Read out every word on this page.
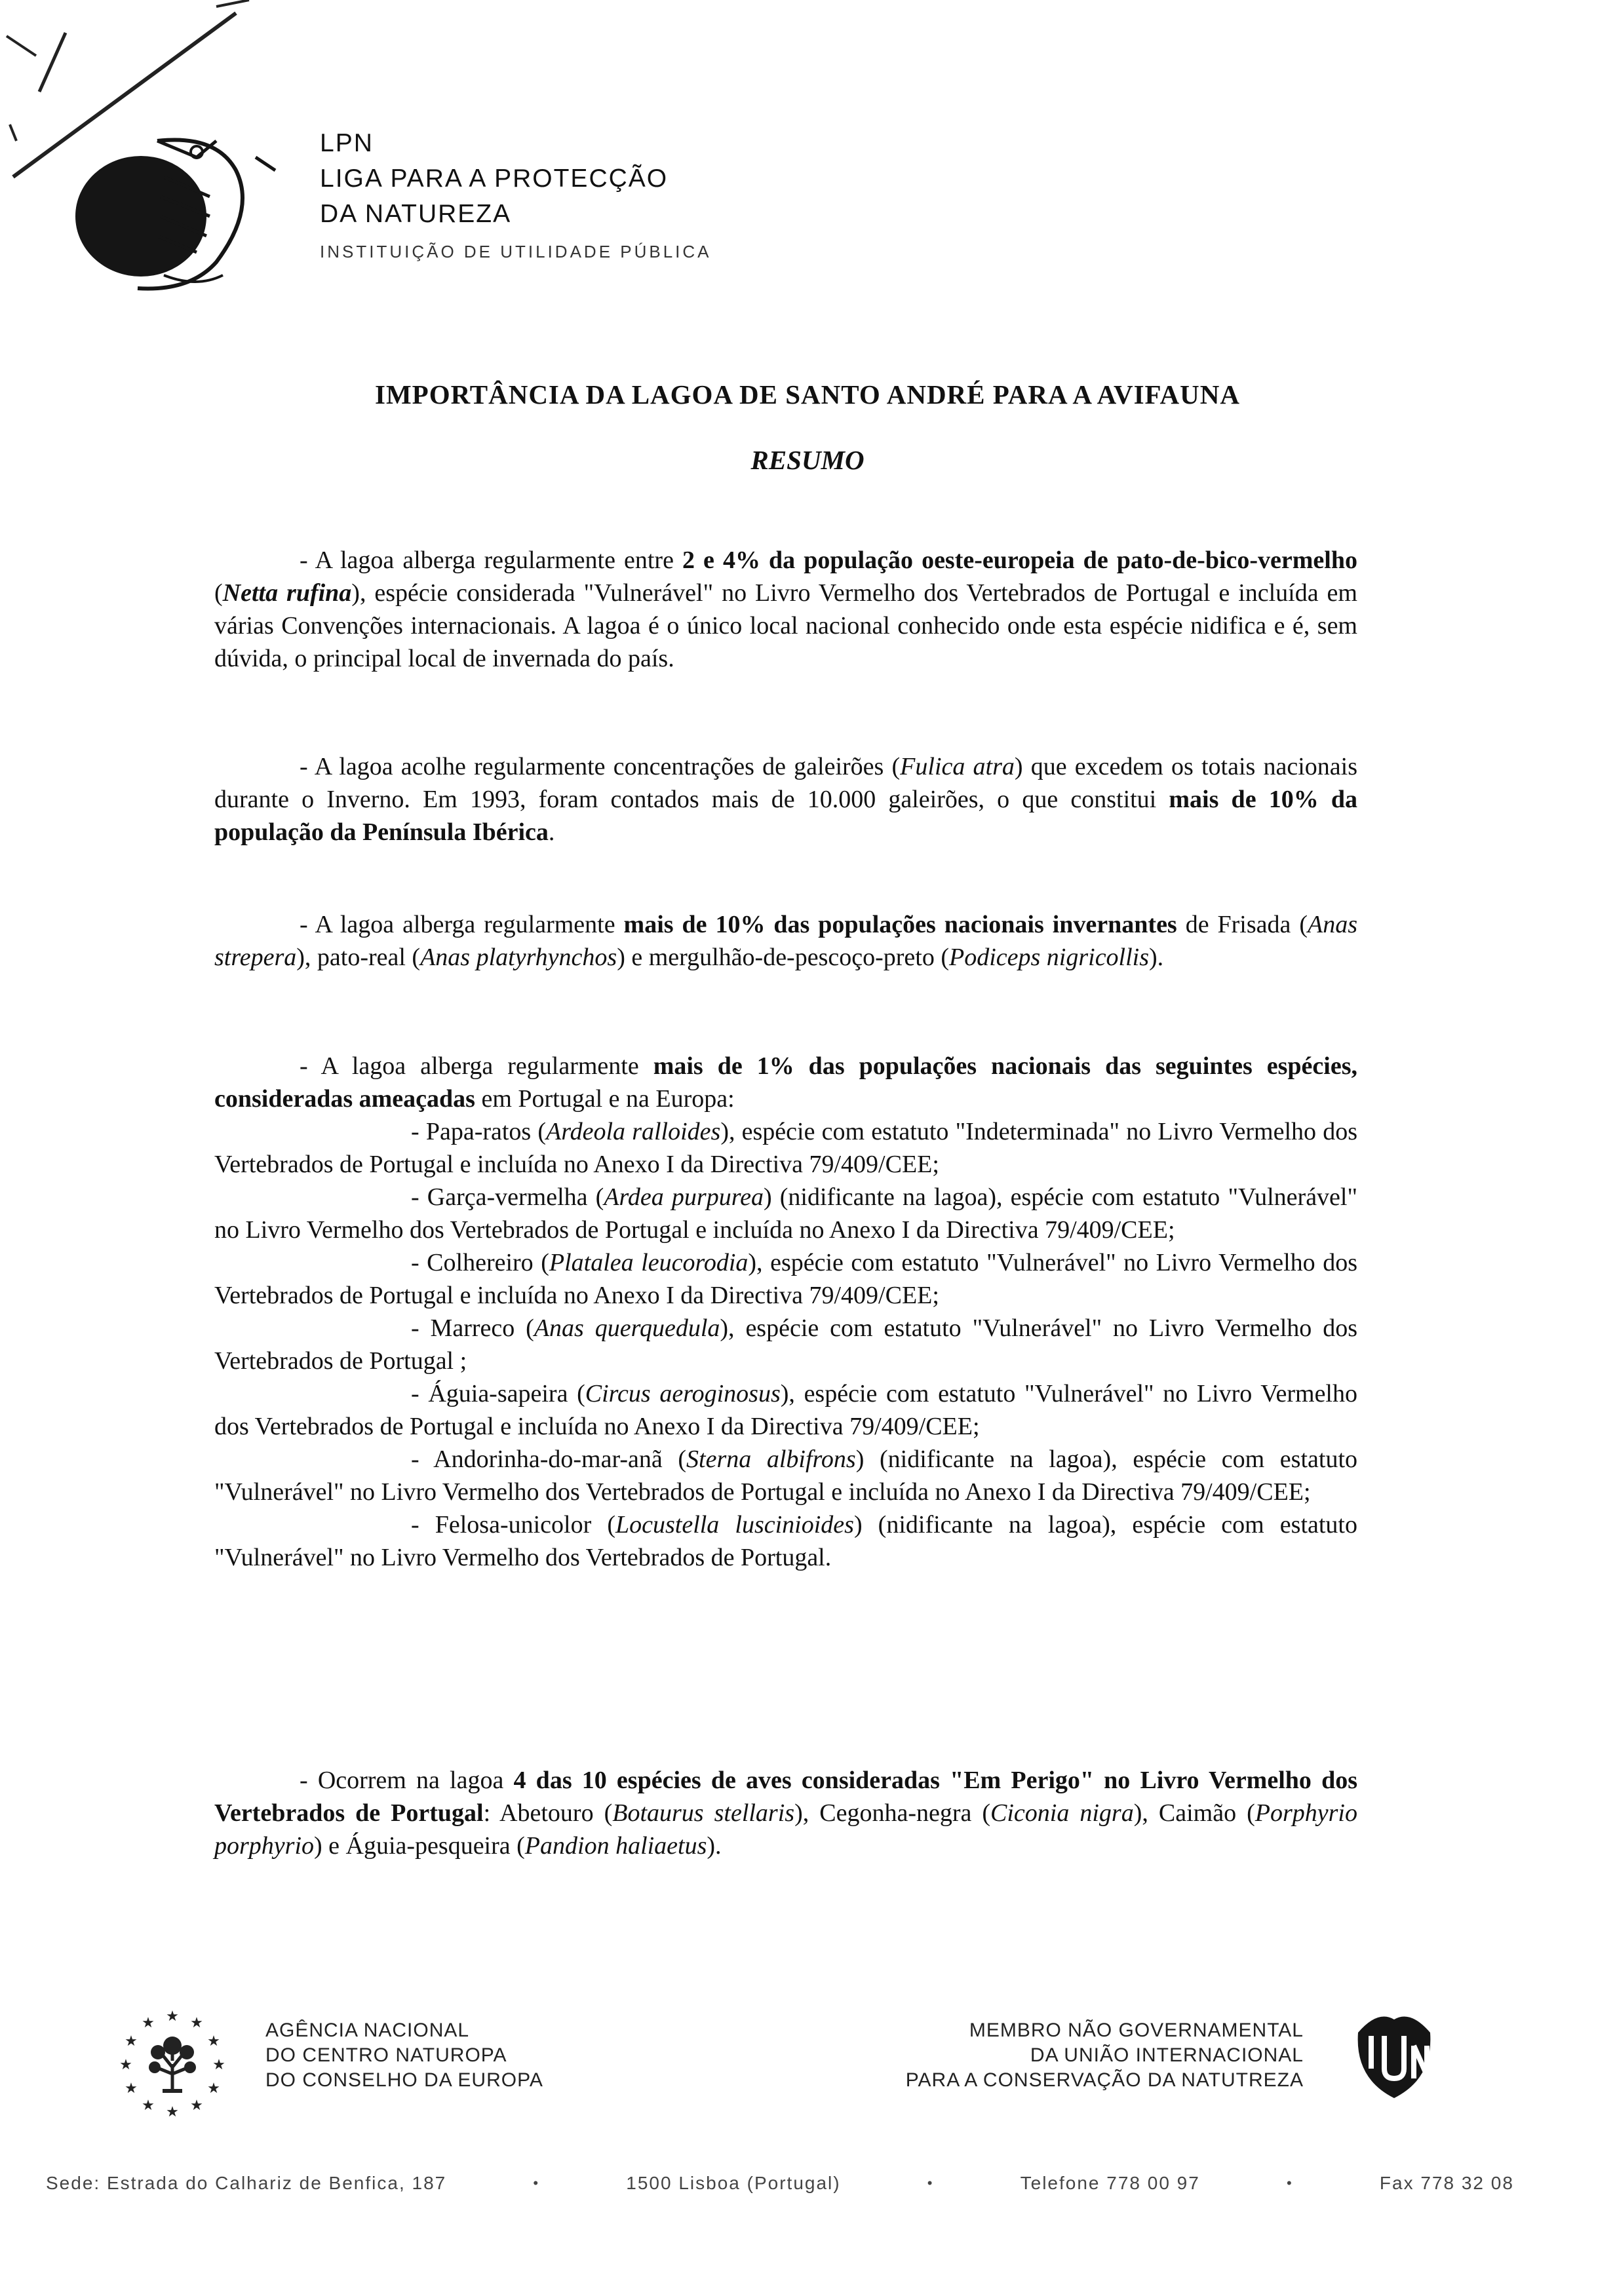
LPN
LIGA PARA A PROTECÇÃO
DA NATUREZA
INSTITUIÇÃO DE UTILIDADE PÚBLICA
IMPORTÂNCIA DA LAGOA DE SANTO ANDRÉ PARA A AVIFAUNA
RESUMO

- A lagoa alberga regularmente entre 2 e 4% da população oeste-europeia de pato-de-bico-vermelho (Netta rufina), espécie considerada "Vulnerável" no Livro Vermelho dos Vertebrados de Portugal e incluída em várias Convenções internacionais. A lagoa é o único local nacional conhecido onde esta espécie nidifica e é, sem dúvida, o principal local de invernada do país.

- A lagoa acolhe regularmente concentrações de galeirões (Fulica atra) que excedem os totais nacionais durante o Inverno. Em 1993, foram contados mais de 10.000 galeirões, o que constitui mais de 10% da população da Península Ibérica.

- A lagoa alberga regularmente mais de 10% das populações nacionais invernantes de Frisada (Anas strepera), pato-real (Anas platyrhynchos) e mergulhão-de-pescoço-preto (Podiceps nigricollis).

- A lagoa alberga regularmente mais de 1% das populações nacionais das seguintes espécies, consideradas ameaçadas em Portugal e na Europa:

- Papa-ratos (Ardeola ralloides), espécie com estatuto "Indeterminada" no Livro Vermelho dos Vertebrados de Portugal e incluída no Anexo I da Directiva 79/409/CEE;

- Garça-vermelha (Ardea purpurea) (nidificante na lagoa), espécie com estatuto "Vulnerável" no Livro Vermelho dos Vertebrados de Portugal e incluída no Anexo I da Directiva 79/409/CEE;

- Colhereiro (Platalea leucorodia), espécie com estatuto "Vulnerável" no Livro Vermelho dos Vertebrados de Portugal e incluída no Anexo I da Directiva 79/409/CEE;

- Marreco (Anas querquedula), espécie com estatuto "Vulnerável" no Livro Vermelho dos Vertebrados de Portugal ;

- Águia-sapeira (Circus aeroginosus), espécie com estatuto "Vulnerável" no Livro Vermelho dos Vertebrados de Portugal e incluída no Anexo I da Directiva 79/409/CEE;

- Andorinha-do-mar-anã (Sterna albifrons) (nidificante na lagoa), espécie com estatuto "Vulnerável" no Livro Vermelho dos Vertebrados de Portugal e incluída no Anexo I da Directiva 79/409/CEE;

- Felosa-unicolor (Locustella luscinioides) (nidificante na lagoa), espécie com estatuto "Vulnerável" no Livro Vermelho dos Vertebrados de Portugal.

- Ocorrem na lagoa 4 das 10 espécies de aves consideradas "Em Perigo" no Livro Vermelho dos Vertebrados de Portugal: Abetouro (Botaurus stellaris), Cegonha-negra (Ciconia nigra), Caimão (Porphyrio porphyrio) e Águia-pesqueira (Pandion haliaetus).

★ ★
★
★
★
★
★
★
★
★
★
★	AGÊNCIA NACIONAL
DO CENTRO NATUROPA
DO CONSELHO DA EUROPA
MEMBRO NÃO GOVERNAMENTAL
DA UNIÃO INTERNACIONAL
PARA A CONSERVAÇÃO DA NATUTREZA
Sede: Estrada do Calhariz de Benfica, 187	•	1500 Lisboa (Portugal)	•	Telefone 778 00 97	•	Fax 778 32 08
